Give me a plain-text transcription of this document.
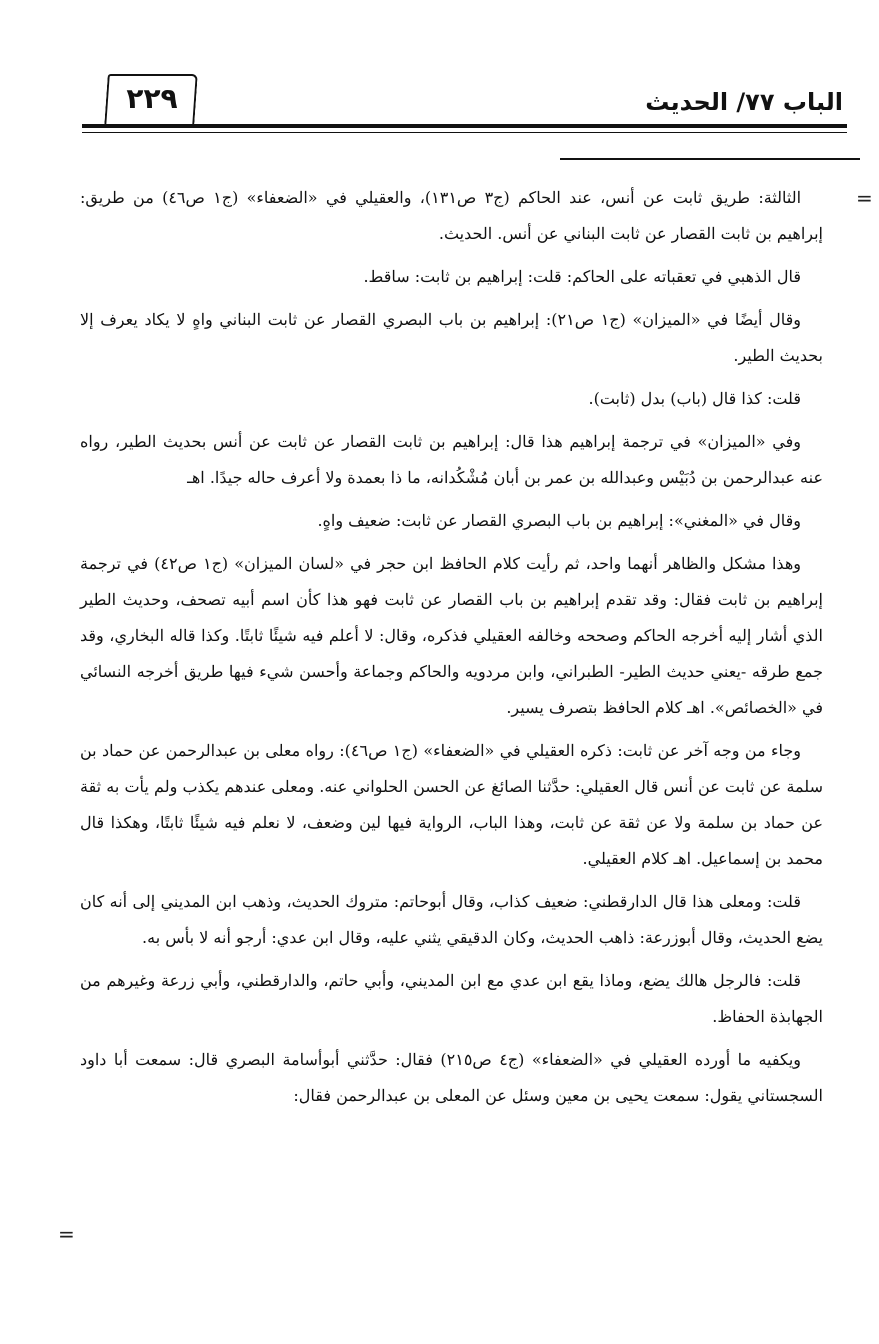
الباب ٧٧/ الحديث
٢٢٩
=

الثالثة: طريق ثابت عن أنس، عند الحاكم (ج٣ ص١٣١)، والعقيلي في «الضعفاء» (ج١ ص٤٦) من طريق: إبراهيم بن ثابت القصار عن ثابت البناني عن أنس. الحديث.

قال الذهبي في تعقباته على الحاكم: قلت: إبراهيم بن ثابت: ساقط.

وقال أيضًا في «الميزان» (ج١ ص٢١): إبراهيم بن باب البصري القصار عن ثابت البناني واهٍ لا يكاد يعرف إلا بحديث الطير.

قلت: كذا قال (باب) بدل (ثابت).

وفي «الميزان» في ترجمة إبراهيم هذا قال: إبراهيم بن ثابت القصار عن ثابت عن أنس بحديث الطير، رواه عنه عبدالرحمن بن دُبَيْس وعبدالله بن عمر بن أبان مُشْكُدانه، ما ذا بعمدة ولا أعرف حاله جيدًا. اهـ

وقال في «المغني»: إبراهيم بن باب البصري القصار عن ثابت: ضعيف واهٍ.

وهذا مشكل والظاهر أنهما واحد، ثم رأيت كلام الحافظ ابن حجر في «لسان الميزان» (ج١ ص٤٢) في ترجمة إبراهيم بن ثابت فقال: وقد تقدم إبراهيم بن باب القصار عن ثابت فهو هذا كأن اسم أبيه تصحف، وحديث الطير الذي أشار إليه أخرجه الحاكم وصححه وخالفه العقيلي فذكره، وقال: لا أعلم فيه شيئًا ثابتًا. وكذا قاله البخاري، وقد جمع طرقه -يعني حديث الطير- الطبراني، وابن مردويه والحاكم وجماعة وأحسن شيء فيها طريق أخرجه النسائي في «الخصائص». اهـ كلام الحافظ بتصرف يسير.

وجاء من وجه آخر عن ثابت: ذكره العقيلي في «الضعفاء» (ج١ ص٤٦): رواه معلى بن عبدالرحمن عن حماد بن سلمة عن ثابت عن أنس قال العقيلي: حدَّثنا الصائغ عن الحسن الحلواني عنه. ومعلى عندهم يكذب ولم يأت به ثقة عن حماد بن سلمة ولا عن ثقة عن ثابت، وهذا الباب، الرواية فيها لين وضعف، لا نعلم فيه شيئًا ثابتًا، وهكذا قال محمد بن إسماعيل. اهـ كلام العقيلي.

قلت: ومعلى هذا قال الدارقطني: ضعيف كذاب، وقال أبوحاتم: متروك الحديث، وذهب ابن المديني إلى أنه كان يضع الحديث، وقال أبوزرعة: ذاهب الحديث، وكان الدقيقي يثني عليه، وقال ابن عدي: أرجو أنه لا بأس به.

قلت: فالرجل هالك يضع، وماذا يقع ابن عدي مع ابن المديني، وأبي حاتم، والدارقطني، وأبي زرعة وغيرهم من الجهابذة الحفاظ.

ويكفيه ما أورده العقيلي في «الضعفاء» (ج٤ ص٢١٥) فقال: حدَّثني أبوأسامة البصري قال: سمعت أبا داود السجستاني يقول: سمعت يحيى بن معين وسئل عن المعلى بن عبدالرحمن فقال:

=
